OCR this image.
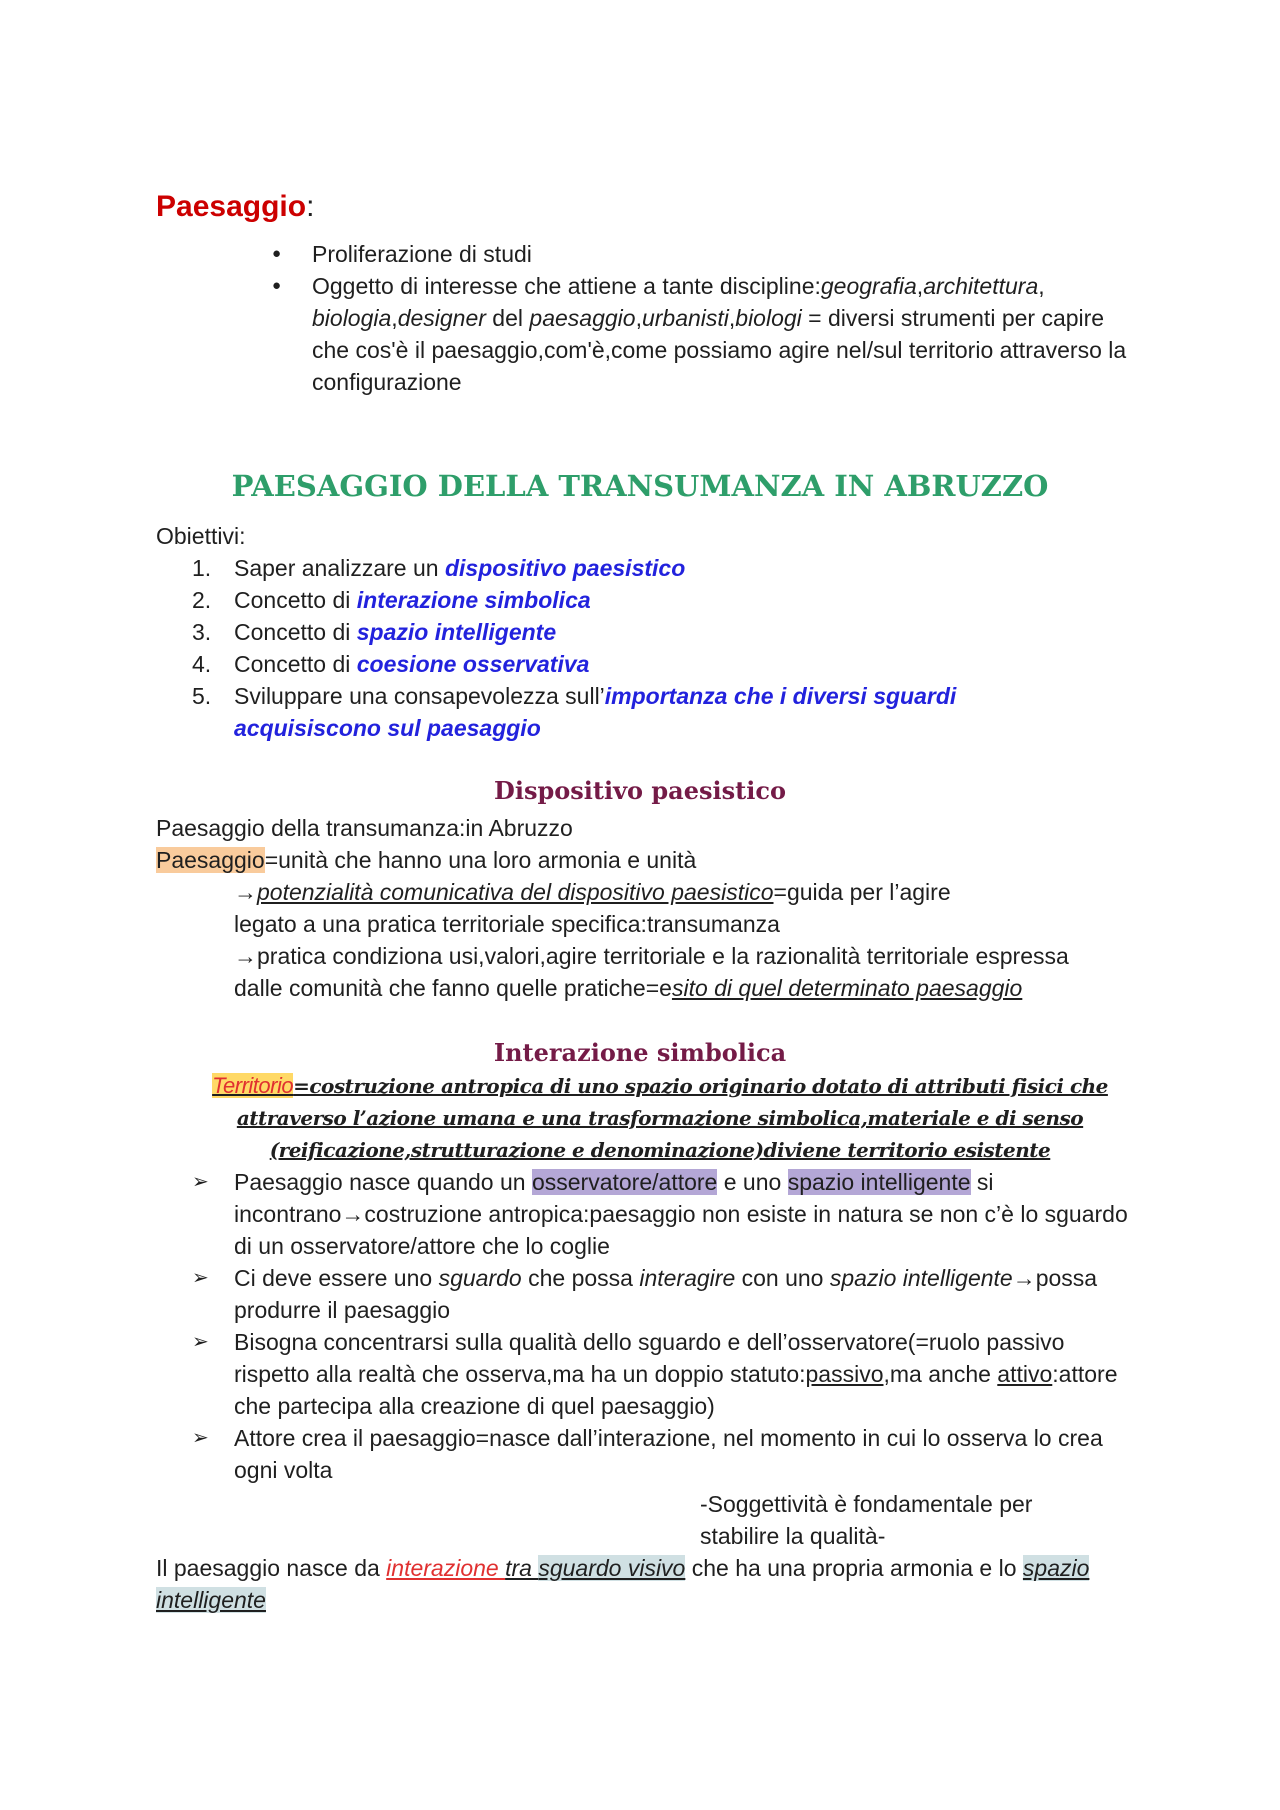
Paesaggio:
● Proliferazione di studi
● Oggetto di interesse che attiene a tante discipline:geografia,architettura, biologia,designer del paesaggio,urbanisti,biologi = diversi strumenti per capire che cos'è il paesaggio,com'è,come possiamo agire nel/sul territorio attraverso la configurazione
PAESAGGIO DELLA TRANSUMANZA IN ABRUZZO
Obiettivi:
1. Saper analizzare un dispositivo paesistico
2. Concetto di interazione simbolica
3. Concetto di spazio intelligente
4. Concetto di coesione osservativa
5. Sviluppare una consapevolezza sull’importanza che i diversi sguardi acquisiscono sul paesaggio
Dispositivo paesistico
Paesaggio della transumanza:in Abruzzo
Paesaggio=unità che hanno una loro armonia e unità
→potenzialità comunicativa del dispositivo paesistico=guida per l’agire
legato a una pratica territoriale specifica:transumanza
→pratica condiziona usi,valori,agire territoriale e la razionalità territoriale espressa
dalle comunità che fanno quelle pratiche=esito di quel determinato paesaggio
Interazione simbolica
Territorio=costruzione antropica di uno spazio originario dotato di attributi fisici che attraverso l’azione umana e una trasformazione simbolica,materiale e di senso (reificazione,strutturazione e denominazione)diviene territorio esistente
➢ Paesaggio nasce quando un osservatore/attore e uno spazio intelligente si incontrano→costruzione antropica:paesaggio non esiste in natura se non c’è lo sguardo di un osservatore/attore che lo coglie
➢ Ci deve essere uno sguardo che possa interagire con uno spazio intelligente→possa produrre il paesaggio
➢ Bisogna concentrarsi sulla qualità dello sguardo e dell’osservatore(=ruolo passivo rispetto alla realtà che osserva,ma ha un doppio statuto:passivo,ma anche attivo:attore che partecipa alla creazione di quel paesaggio)
➢ Attore crea il paesaggio=nasce dall’interazione, nel momento in cui lo osserva lo crea ogni volta
-Soggettività è fondamentale per
stabilire la qualità-
Il paesaggio nasce da interazione tra sguardo visivo che ha una propria armonia e lo spazio
intelligente
